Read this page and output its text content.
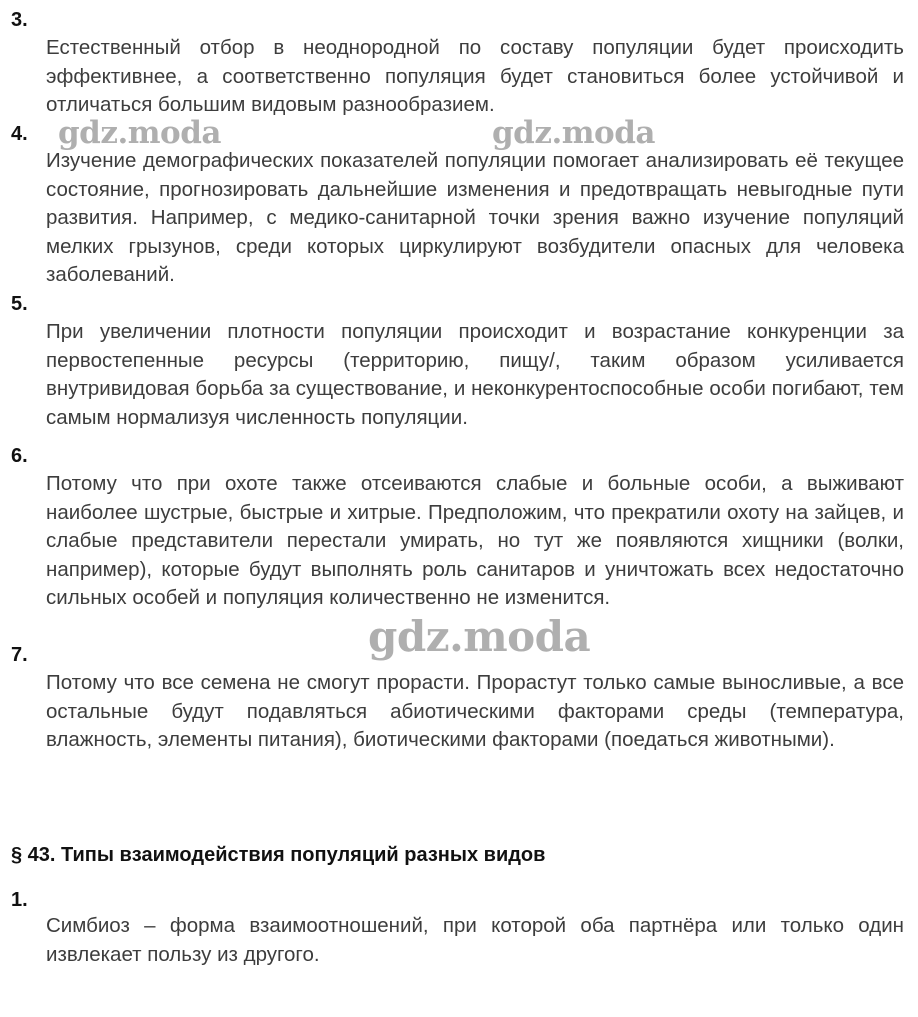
3.

Естественный отбор в неоднородной по составу популяции будет происходить эффективнее, а соответственно популяция будет становиться более устойчивой и отличаться большим видовым разнообразием.

4.

Изучение демографических показателей популяции помогает анализировать её текущее состояние, прогнозировать дальнейшие изменения и предотвращать невыгодные пути развития. Например, с медико-санитарной точки зрения важно изучение популяций мелких грызунов, среди которых циркулируют возбудители опасных для человека заболеваний.

5.

При увеличении плотности популяции происходит и возрастание конкуренции за первостепенные ресурсы (территорию, пищу/, таким образом усиливается внутривидовая борьба за существование, и неконкурентоспособные особи погибают, тем самым нормализуя численность популяции.

6.

Потому что при охоте также отсеиваются слабые и больные особи, а выживают наиболее шустрые, быстрые и хитрые. Предположим, что прекратили охоту на зайцев, и слабые представители перестали умирать, но тут же появляются хищники (волки, например), которые будут выполнять роль санитаров и уничтожать всех недостаточно сильных особей и популяция количественно не изменится.

7.

Потому что все семена не смогут прорасти. Прорастут только самые выносливые, а все остальные будут подавляться абиотическими факторами среды (температура, влажность, элементы питания), биотическими факторами (поедаться животными).

§ 43. Типы взаимодействия популяций разных видов
1.

Симбиоз – форма взаимоотношений, при которой оба партнёра или только один извлекает пользу из другого.

gdz.moda	gdz.moda
gdz.moda
